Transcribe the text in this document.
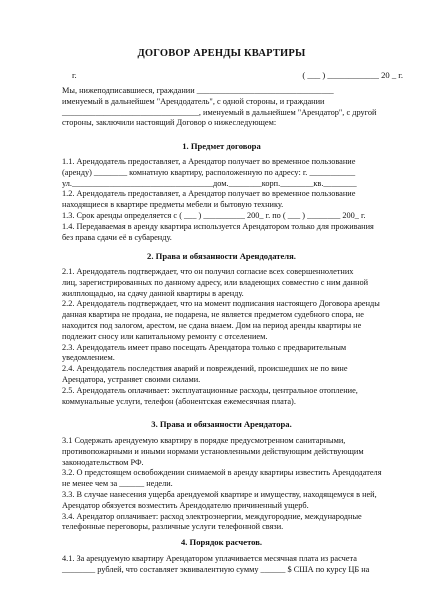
ДОГОВОР АРЕНДЫ КВАРТИРЫ
г.	( ___ ) ____________ 20 _ г.

Мы, нижеподписавшиеся, граждании _________________________________

именуемый в дальнейшем "Арендодатель", с одной стороны, и граждании

_________________________________, именуемый в дальнейшем "Арендатор", с другой

стороны, заключили настоящий Договор о нижеследующем:

1. Предмет договора

1.1. Арендодатель предоставляет, а Арендатор получает во временное пользование

(аренду) ________ комнатную квартиру, расположенную по адресу: г. ___________

ул.__________________________________дом.________корп.________кв.________

1.2. Арендодатель предоставляет, а Арендатор получает во временное пользование

находящиеся в квартире предметы мебели и бытовую технику.

1.3. Срок аренды определяется с ( ___ ) __________ 200_ г. по ( ___ ) ________ 200_ г.

1.4. Передаваемая в аренду квартира используется Арендатором только для проживания

без права сдачи её в субаренду.

2. Права и обязанности Арендодателя.

2.1. Арендодатель подтверждает, что он получил согласие всех совершеннолетних

лиц, зарегистрированных по данному адресу, или владеющих совместно с ним данной

жилплощадью, на сдачу данной квартиры в аренду.

2.2. Арендодатель подтверждает, что на момент подписания настоящего Договора аренды

данная квартира не продана, не подарена, не является предметом судебного спора, не

находится под залогом, арестом, не сдана внаем. Дом на период аренды квартиры не

подлежит сносу или капитальному ремонту с отселением.

2.3. Арендодатель имеет право посещать Арендатора только с предварительным

уведомлением.

2.4. Арендодатель последствия аварий и повреждений, происшедших не по вине

Арендатора, устраняет своими силами.

2.5. Арендодатель оплачивает: эксплуатационные расходы, центральное отопление,

коммунальные услуги, телефон (абонентская ежемесячная плата).

3. Права и обязанности Арендатора.

3.1 Содержать арендуемую квартиру в порядке предусмотренном санитарными,

противопожарными и иными нормами установленными действующим действующим

законодательством РФ.

3.2. О предстоящем освобождении снимаемой в аренду квартиры известить Арендодателя

не менее чем за ______ недели.

3.3. В случае нанесения ущерба арендуемой квартире и имуществу, находящемуся в ней,

Арендатор обязуется возместить Арендодателю причиненный ущерб.

3.4. Арендатор оплачивает: расход электроэнергии, междугородние, международные

телефонные переговоры, различные услуги телефонной связи.

4. Порядок расчетов.

4.1. За арендуемую квартиру Арендатором уплачивается месячная плата из расчета

________ рублей, что составляет эквивалентную сумму ______ $ США по курсу ЦБ на
